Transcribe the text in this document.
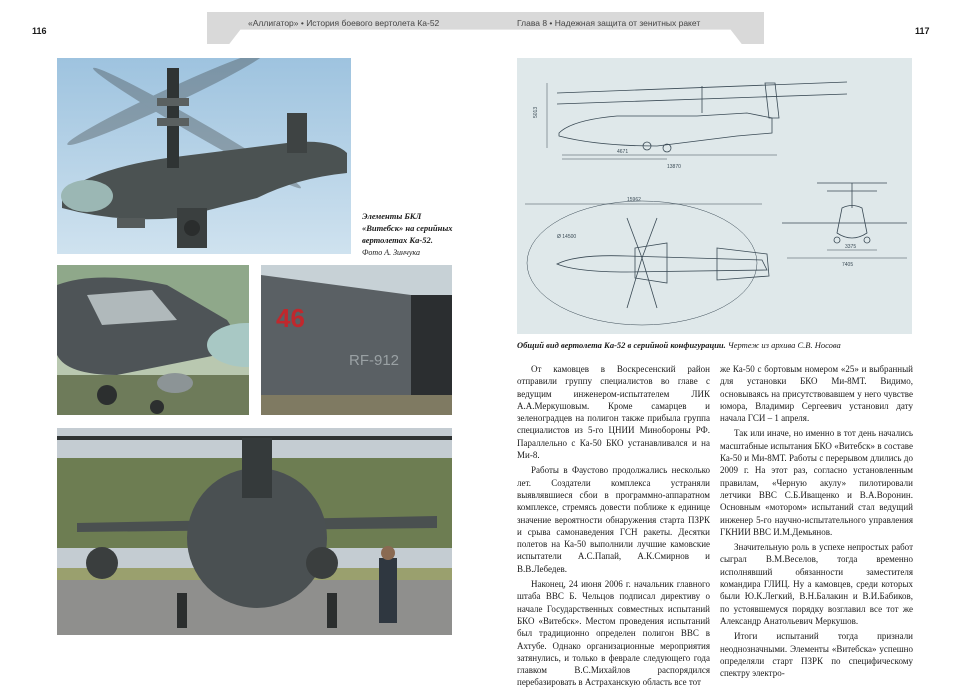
116	117
«Аллигатор» • История боевого вертолета Ка-52	Глава 8 • Надежная защита от зенитных ракет
Элементы БКЛ «Витебск» на серийных вертолетах Ка-52.
Фото А. Зинчука
46
RF-912
4671
13870
5013
15962
Ø 14500
3375
7405
Общий вид вертолета Ка-52 в серийной конфигурации. Чертеж из архива С.В. Носова

От камовцев в Воскресенский район отправили группу специалистов во главе с ведущим инженером-испытателем ЛИК А.А.Меркушовым. Кроме самарцев и зеленоградцев на полигон также прибыла группа специалистов из 5-го ЦНИИ Минобороны РФ. Параллельно с Ка-50 БКО устанавливался и на Ми-8.

Работы в Фаустово продолжались несколько лет. Создатели комплекса устраняли выявлявшиеся сбои в программно-аппаратном комплексе, стремясь довести поближе к единице значение вероятности обнаружения старта ПЗРК и срыва самонаведения ГСН ракеты. Десятки полетов на Ка-50 выполнили лучшие камовские испытатели А.С.Папай, А.К.Смирнов и В.В.Лебедев.

Наконец, 24 июня 2006 г. начальник главного штаба ВВС Б. Чельцов подписал директиву о начале Государственных совместных испытаний БКО «Витебск». Местом проведения испытаний был традиционно определен полигон ВВС в Ахтубе. Однако организационные мероприятия затянулись, и только в феврале следующего года главком В.С.Михайлов распорядился перебазировать в Астраханскую область все тот

же Ка-50 с бортовым номером «25» и выбранный для установки БКО Ми-8МТ. Видимо, основываясь на присутствовавшем у него чувстве юмора, Владимир Сергеевич установил дату начала ГСИ – 1 апреля.

Так или иначе, но именно в тот день начались масштабные испытания БКО «Витебск» в составе Ка-50 и Ми-8МТ. Работы с перерывом длились до 2009 г. На этот раз, согласно установленным правилам, «Черную акулу» пилотировали летчики ВВС С.Б.Иващенко и В.А.Воронин. Основным «мотором» испытаний стал ведущий инженер 5-го научно-испытательного управления ГКНИИ ВВС И.М.Демьянов.

Значительную роль в успехе непростых работ сыграл В.М.Веселов, тогда временно исполнявший обязанности заместителя командира ГЛИЦ. Ну а камовцев, среди которых были Ю.К.Легкий, В.Н.Балакин и В.И.Бабиков, по устоявшемуся порядку возглавил все тот же Александр Анатольевич Меркушов.

Итоги испытаний тогда признали неоднозначными. Элементы «Витебска» успешно определяли старт ПЗРК по специфическому спектру электро-
